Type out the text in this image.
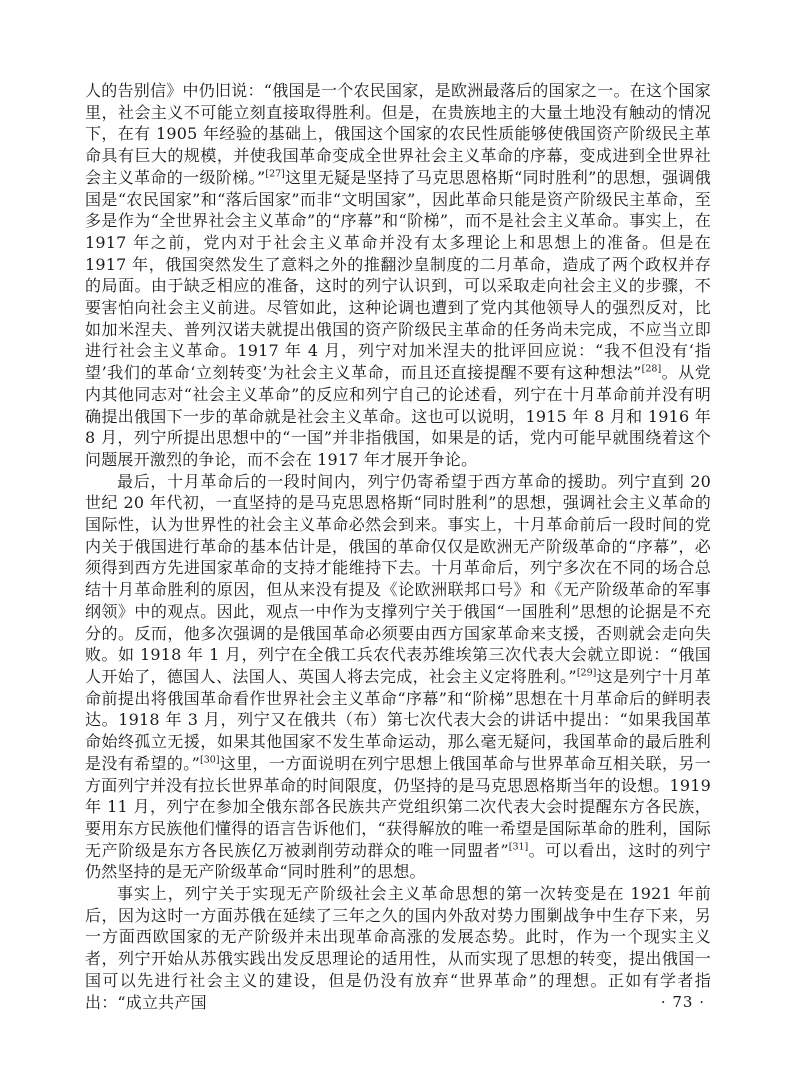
人的告别信》中仍旧说：“俄国是一个农民国家，是欧洲最落后的国家之一。在这个国家里，社会主义不可能立刻直接取得胜利。但是，在贵族地主的大量土地没有触动的情况下，在有 1905 年经验的基础上，俄国这个国家的农民性质能够使俄国资产阶级民主革命具有巨大的规模，并使我国革命变成全世界社会主义革命的序幕，变成进到全世界社会主义革命的一级阶梯。”[27]这里无疑是坚持了马克思恩格斯“同时胜利”的思想，强调俄国是“农民国家”和“落后国家”而非“文明国家”，因此革命只能是资产阶级民主革命，至多是作为“全世界社会主义革命”的“序幕”和“阶梯”，而不是社会主义革命。事实上，在 1917 年之前，党内对于社会主义革命并没有太多理论上和思想上的准备。但是在 1917 年，俄国突然发生了意料之外的推翻沙皇制度的二月革命，造成了两个政权并存的局面。由于缺乏相应的准备，这时的列宁认识到，可以采取走向社会主义的步骤，不要害怕向社会主义前进。尽管如此，这种论调也遭到了党内其他领导人的强烈反对，比如加米涅夫、普列汉诺夫就提出俄国的资产阶级民主革命的任务尚未完成，不应当立即进行社会主义革命。1917 年 4 月，列宁对加米涅夫的批评回应说：“我不但没有‘指望’我们的革命‘立刻转变’为社会主义革命，而且还直接提醒不要有这种想法”[28]。从党内其他同志对“社会主义革命”的反应和列宁自己的论述看，列宁在十月革命前并没有明确提出俄国下一步的革命就是社会主义革命。这也可以说明，1915 年 8 月和 1916 年 8 月，列宁所提出思想中的“一国”并非指俄国，如果是的话，党内可能早就围绕着这个问题展开激烈的争论，而不会在 1917 年才展开争论。

最后，十月革命后的一段时间内，列宁仍寄希望于西方革命的援助。列宁直到 20 世纪 20 年代初，一直坚持的是马克思恩格斯“同时胜利”的思想，强调社会主义革命的国际性，认为世界性的社会主义革命必然会到来。事实上，十月革命前后一段时间的党内关于俄国进行革命的基本估计是，俄国的革命仅仅是欧洲无产阶级革命的“序幕”，必须得到西方先进国家革命的支持才能维持下去。十月革命后，列宁多次在不同的场合总结十月革命胜利的原因，但从来没有提及《论欧洲联邦口号》和《无产阶级革命的军事纲领》中的观点。因此，观点一中作为支撑列宁关于俄国“一国胜利”思想的论据是不充分的。反而，他多次强调的是俄国革命必须要由西方国家革命来支援，否则就会走向失败。如 1918 年 1 月，列宁在全俄工兵农代表苏维埃第三次代表大会就立即说：“俄国人开始了，德国人、法国人、英国人将去完成，社会主义定将胜利。”[29]这是列宁十月革命前提出将俄国革命看作世界社会主义革命“序幕”和“阶梯”思想在十月革命后的鲜明表达。1918 年 3 月，列宁又在俄共（布）第七次代表大会的讲话中提出：“如果我国革命始终孤立无援，如果其他国家不发生革命运动，那么毫无疑问，我国革命的最后胜利是没有希望的。”[30]这里，一方面说明在列宁思想上俄国革命与世界革命互相关联，另一方面列宁并没有拉长世界革命的时间限度，仍坚持的是马克思恩格斯当年的设想。1919 年 11 月，列宁在参加全俄东部各民族共产党组织第二次代表大会时提醒东方各民族，要用东方民族他们懂得的语言告诉他们，“获得解放的唯一希望是国际革命的胜利，国际无产阶级是东方各民族亿万被剥削劳动群众的唯一同盟者”[31]。可以看出，这时的列宁仍然坚持的是无产阶级革命“同时胜利”的思想。

事实上，列宁关于实现无产阶级社会主义革命思想的第一次转变是在 1921 年前后，因为这时一方面苏俄在延续了三年之久的国内外敌对势力围剿战争中生存下来，另一方面西欧国家的无产阶级并未出现革命高涨的发展态势。此时，作为一个现实主义者，列宁开始从苏俄实践出发反思理论的适用性，从而实现了思想的转变，提出俄国一国可以先进行社会主义的建设，但是仍没有放弃“世界革命”的理想。正如有学者指出：“成立共产国	· 73 ·
